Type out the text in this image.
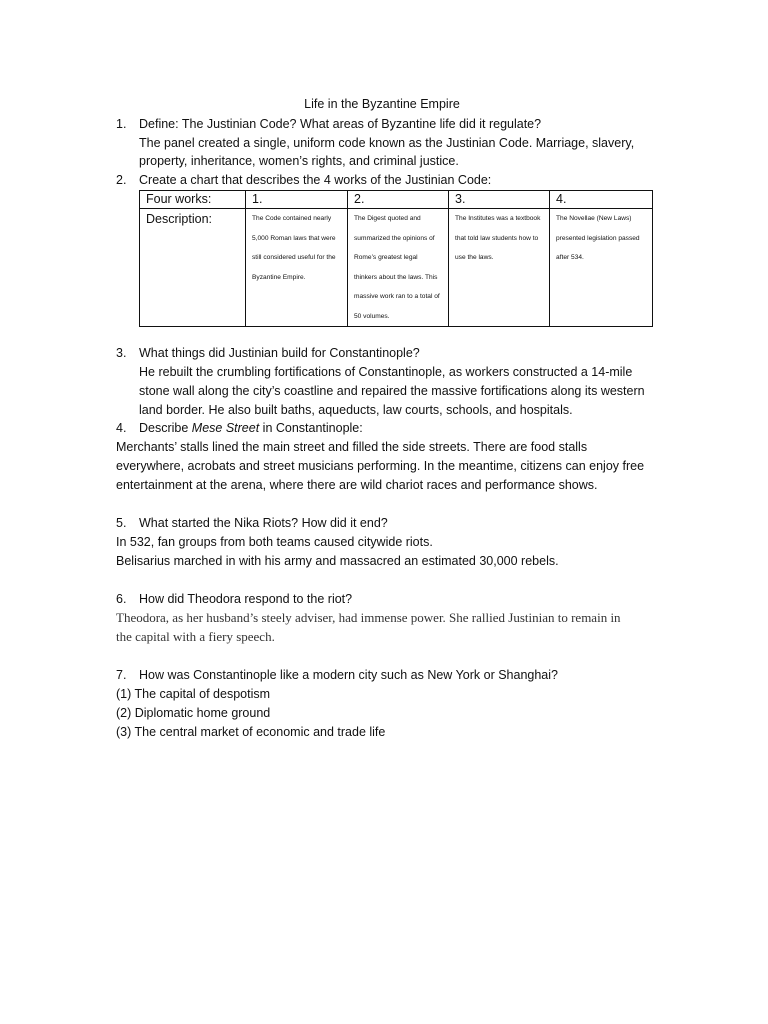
Life in the Byzantine Empire
1. Define: The Justinian Code? What areas of Byzantine life did it regulate?
The panel created a single, uniform code known as the Justinian Code. Marriage, slavery,
property, inheritance, women’s rights, and criminal justice.
2. Create a chart that describes the 4 works of the Justinian Code:
Four works:	1.	2.	3.	4.
Description:	The Code contained nearly 5,000 Roman laws that were still considered useful for the Byzantine Empire.	The Digest quoted and summarized the opinions of Rome’s greatest legal thinkers about the laws. This massive work ran to a total of 50 volumes.	The Institutes was a textbook that told law students how to use the laws.	The Novellae (New Laws) presented legislation passed after 534.
3. What things did Justinian build for Constantinople?
He rebuilt the crumbling fortifications of Constantinople, as workers constructed a 14-mile
stone wall along the city’s coastline and repaired the massive fortifications along its western
land border. He also built baths, aqueducts, law courts, schools, and hospitals.
4. Describe Mese Street in Constantinople:
Merchants’ stalls lined the main street and filled the side streets. There are food stalls
everywhere, acrobats and street musicians performing. In the meantime, citizens can enjoy free
entertainment at the arena, where there are wild chariot races and performance shows.
5. What started the Nika Riots? How did it end?
In 532, fan groups from both teams caused citywide riots.
Belisarius marched in with his army and massacred an estimated 30,000 rebels.
6. How did Theodora respond to the riot?
Theodora, as her husband’s steely adviser, had immense power. She rallied Justinian to remain in
the capital with a fiery speech.
7. How was Constantinople like a modern city such as New York or Shanghai?
(1) The capital of despotism
(2) Diplomatic home ground
(3) The central market of economic and trade life
